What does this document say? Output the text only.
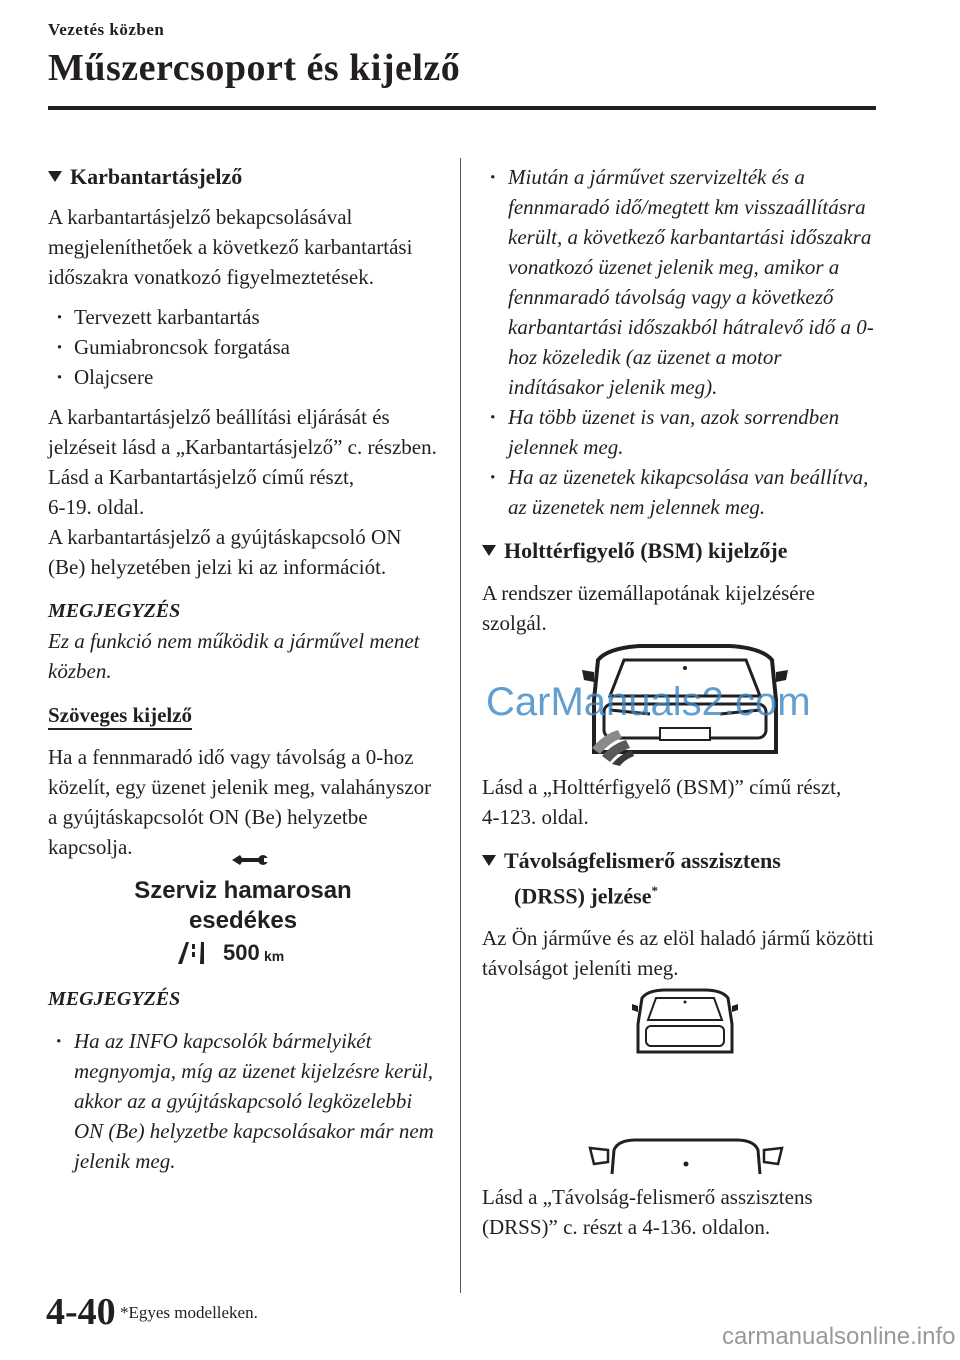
Vezetés közben
Műszercsoport és kijelző

Karbantartásjelző

A karbantartásjelző bekapcsolásával megjeleníthetőek a következő karbantartási időszakra vonatkozó figyelmeztetések.

· Tervezett karbantartás

· Gumiabroncsok forgatása

· Olajcsere

A karbantartásjelző beállítási eljárását és jelzéseit lásd a „Karbantartásjelző” c. részben.

Lásd a Karbantartásjelző című részt,

6-19. oldal.

A karbantartásjelző a gyújtáskapcsoló ON (Be) helyzetében jelzi ki az információt.

MEGJEGYZÉS

Ez a funkció nem működik a járművel menet közben.

Szöveges kijelző

Ha a fennmaradó idő vagy távolság a 0-hoz közelít, egy üzenet jelenik meg, valahányszor a gyújtáskapcsolót ON (Be) helyzetbe kapcsolja.

Szerviz hamarosan
esedékes
500 km

MEGJEGYZÉS

· Ha az INFO kapcsolók bármelyikét megnyomja, míg az üzenet kijelzésre kerül, akkor az a gyújtáskapcsoló legközelebbi ON (Be) helyzetbe kapcsolásakor már nem jelenik meg.

· Miután a járművet szervizelték és a fennmaradó idő/megtett km visszaállításra került, a következő karbantartási időszakra vonatkozó üzenet jelenik meg, amikor a fennmaradó távolság vagy a következő karbantartási időszakból hátralevő idő a 0-hoz közeledik (az üzenet a motor indításakor jelenik meg).

· Ha több üzenet is van, azok sorrendben jelennek meg.

· Ha az üzenetek kikapcsolása van beállítva, az üzenetek nem jelennek meg.

Holttérfigyelő (BSM) kijelzője

A rendszer üzemállapotának kijelzésére szolgál.

CarManuals2.com

Lásd a „Holttérfigyelő (BSM)” című részt,

4-123. oldal.

Távolságfelismerő asszisztens

(DRSS) jelzése*

Az Ön járműve és az elöl haladó jármű közötti távolságot jeleníti meg.

Lásd a „Távolság-felismerő asszisztens

(DRSS)” c. részt a 4-136. oldalon.

4-40 *Egyes modelleken.
carmanualsonline.info
